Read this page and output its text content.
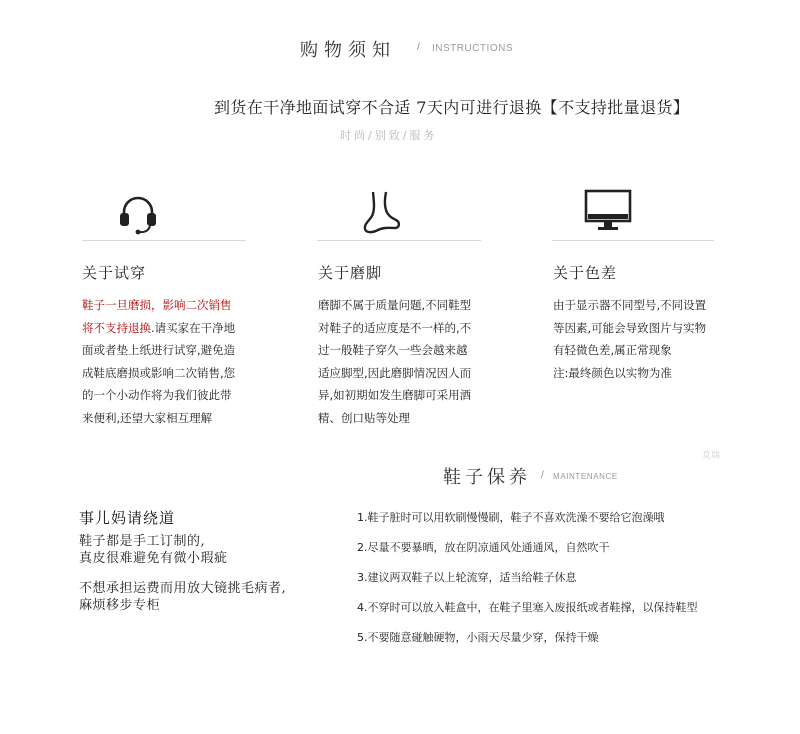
购物须知 / INSTRUCTIONS
到货在干净地面试穿不合适 7天内可进行退换【不支持批量退货】
时尚/别致/服务
关于试穿
鞋子一旦磨损，影响二次销售
将不支持退换.请买家在干净地
面或者垫上纸进行试穿,避免造
成鞋底磨损或影响二次销售,您
的一个小动作将为我们彼此带
来便利,还望大家相互理解
关于磨脚
磨脚不属于质量问题,不同鞋型
对鞋子的适应度是不一样的,不
过一般鞋子穿久一些会越来越
适应脚型,因此磨脚情况因人而
异,如初期如发生磨脚可采用酒
精、创口贴等处理
关于色差
由于显示器不同型号,不同设置
等因素,可能会导致图片与实物
有轻微色差,属正常现象
注:最终颜色以实物为准
莫瑞
鞋子保养 / MAINTENANCE
1.鞋子脏时可以用软刷慢慢刷，鞋子不喜欢洗澡不要给它泡澡哦
2.尽量不要暴晒，放在阴凉通风处通通风，自然吹干
3.建议两双鞋子以上轮流穿，适当给鞋子休息
4.不穿时可以放入鞋盒中，在鞋子里塞入废报纸或者鞋撑，以保持鞋型
5.不要随意碰触硬物，小雨天尽量少穿，保持干燥
事儿妈请绕道
鞋子都是手工订制的,
真皮很难避免有微小瑕疵
不想承担运费而用放大镜挑毛病者,
麻烦移步专柜
